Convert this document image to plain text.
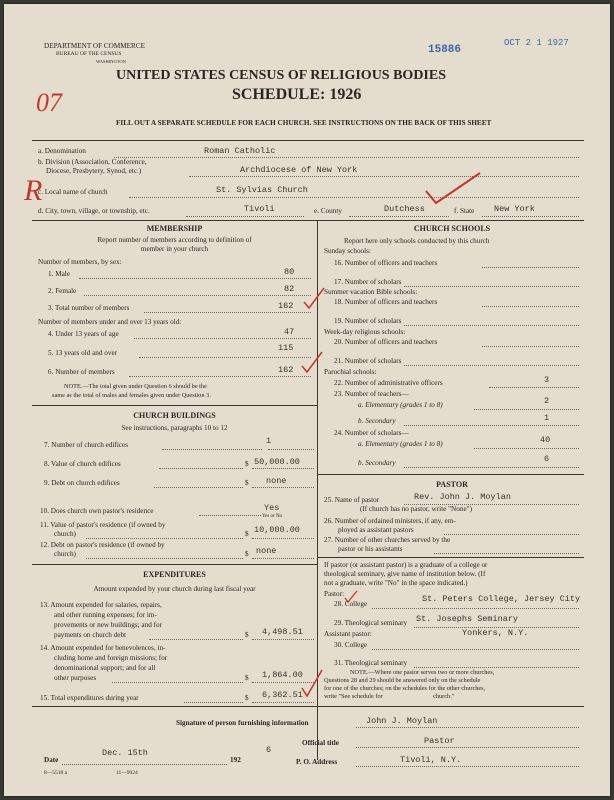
DEPARTMENT OF COMMERCE
BUREAU OF THE CENSUS
WASHINGTON
15886
OCT 2 1 1927
UNITED STATES CENSUS OF RELIGIOUS BODIES
SCHEDULE: 1926
07
FILL OUT A SEPARATE SCHEDULE FOR EACH CHURCH. SEE INSTRUCTIONS ON THE BACK OF THIS SHEET
a. Denomination	Roman Catholic
b. Division (Association, Conference,
Diocese, Presbytery, Synod, etc.)	Archdiocese of New York
R
c. Local name of church	St. Sylvias Church
d. City, town, village, or township, etc.	Tivoli	e. County	Dutchess	f. State New York
MEMBERSHIP
Report number of members according to definition of
member in your church
Number of members, by sex:
1. Male	80
2. Female	82
3. Total number of members	162
Number of members under and over 13 years old:
4. Under 13 years of age	47
5. 13 years old and over	115
6. Number of members	162
NOTE.—The total given under Question 6 should be the
same as the total of males and females given under Question 3.
CHURCH BUILDINGS
See instructions, paragraphs 10 to 12
7. Number of church edifices	1
8. Value of church edifices	$ 50,000.00
9. Debt on church edifices	$ none
10. Does church own pastor's residence	Yes
Yes or No
11. Value of pastor's residence (if owned by
church)	$ 10,000.00
12. Debt on pastor's residence (if owned by
church)	$ none
EXPENDITURES
Amount expended by your church during last fiscal year
13. Amount expended for salaries, repairs,
and other running expenses; for im-
provements or new buildings; and for
payments on church debt	$ 4,498.51
14. Amount expended for benevolences, in-
cluding home and foreign missions; for
denominational support; and for all
other purposes	$ 1,864.00
15. Total expenditures during year	$ 6,362.51
CHURCH SCHOOLS
Report here only schools conducted by this church
Sunday schools:
16. Number of officers and teachers
17. Number of scholars
Summer vacation Bible schools:
18. Number of officers and teachers
19. Number of scholars
Week-day religious schools:
20. Number of officers and teachers
21. Number of scholars
Parochial schools:
22. Number of administrative officers	3
23. Number of teachers—
a. Elementary (grades 1 to 8)	2
b. Secondary	1
24. Number of scholars—
a. Elementary (grades 1 to 8)	40
b. Secondary	6
PASTOR
25. Name of pastor	Rev. John J. Moylan
(If church has no pastor, write "None")
26. Number of ordained ministers, if any, em-
ployed as assistant pastors
27. Number of other churches served by the
pastor or his assistants
If pastor (or assistant pastor) is a graduate of a college or
theological seminary, give name of institution below. (If
not a graduate, write "No" in the space indicated.)
Pastor:
28. College	St. Peters College, Jersey City
29. Theological seminary St. Josephs Seminary
Assistant pastor:	Yonkers, N.Y.
30. College
31. Theological seminary
NOTE.—Where one pastor serves two or more churches,
Questions 28 and 29 should be answered only on the schedule
for one of the churches; on the schedules for the other churches,
write "See schedule for                                church."
Signature of person furnishing information	John J. Moylan
Official title	Pastor
Date
Dec. 15th
192
6
P. O. Address	Tivoli, N.Y.
8—5518 a	11—9024
